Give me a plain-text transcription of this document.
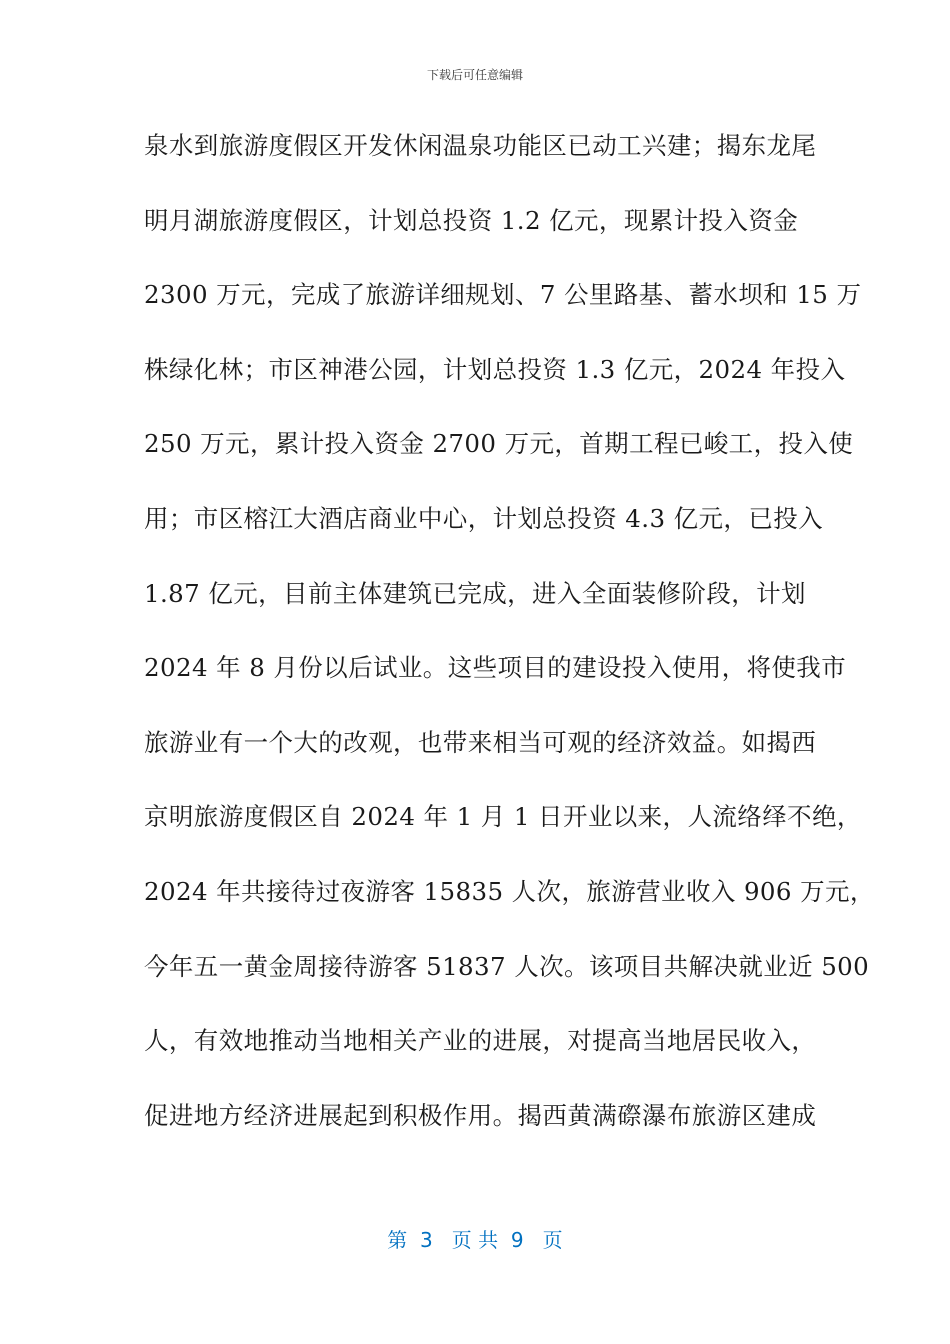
下载后可任意编辑
泉水到旅游度假区开发休闲温泉功能区已动工兴建；揭东龙尾
明月湖旅游度假区，计划总投资 1.2 亿元，现累计投入资金
2300 万元，完成了旅游详细规划、7 公里路基、蓄水坝和 15 万
株绿化林；市区神港公园，计划总投资 1.3 亿元，2024 年投入
250 万元，累计投入资金 2700 万元，首期工程已峻工，投入使
用；市区榕江大酒店商业中心，计划总投资 4.3 亿元，已投入
1.87 亿元，目前主体建筑已完成，进入全面装修阶段，计划
2024 年 8 月份以后试业。这些项目的建设投入使用，将使我市
旅游业有一个大的改观，也带来相当可观的经济效益。如揭西
京明旅游度假区自 2024 年 1 月 1 日开业以来，人流络绎不绝，
2024 年共接待过夜游客 15835 人次，旅游营业收入 906 万元，
今年五一黄金周接待游客 51837 人次。该项目共解决就业近 500
人，有效地推动当地相关产业的进展，对提高当地居民收入，
促进地方经济进展起到积极作用。揭西黄满磜瀑布旅游区建成
第  3   页 共  9   页
